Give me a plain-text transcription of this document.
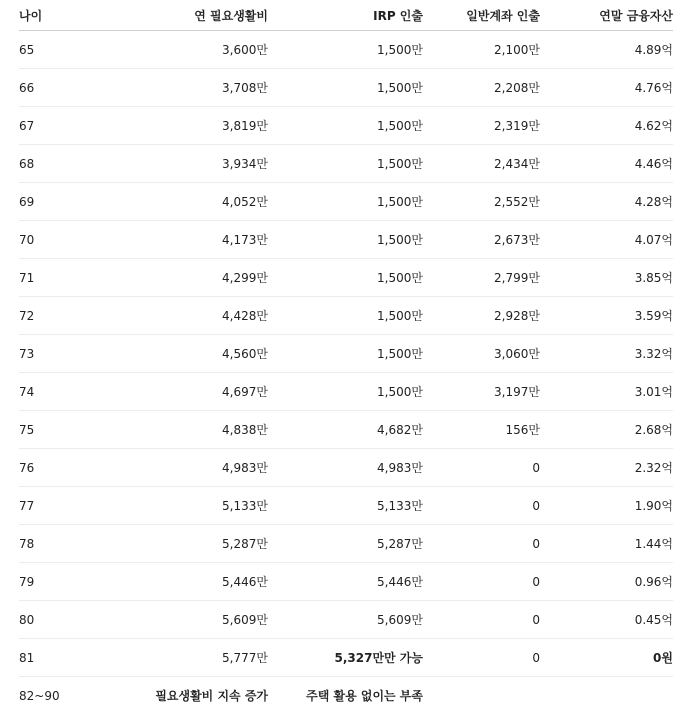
나이	연 필요생활비	IRP 인출	일반계좌 인출	연말 금융자산
65	3,600만	1,500만	2,100만	4.89억
66	3,708만	1,500만	2,208만	4.76억
67	3,819만	1,500만	2,319만	4.62억
68	3,934만	1,500만	2,434만	4.46억
69	4,052만	1,500만	2,552만	4.28억
70	4,173만	1,500만	2,673만	4.07억
71	4,299만	1,500만	2,799만	3.85억
72	4,428만	1,500만	2,928만	3.59억
73	4,560만	1,500만	3,060만	3.32억
74	4,697만	1,500만	3,197만	3.01억
75	4,838만	4,682만	156만	2.68억
76	4,983만	4,983만	0	2.32억
77	5,133만	5,133만	0	1.90억
78	5,287만	5,287만	0	1.44억
79	5,446만	5,446만	0	0.96억
80	5,609만	5,609만	0	0.45억
81	5,777만	5,327만만 가능	0	0원
82~90	필요생활비 지속 증가	주택 활용 없이는 부족		
